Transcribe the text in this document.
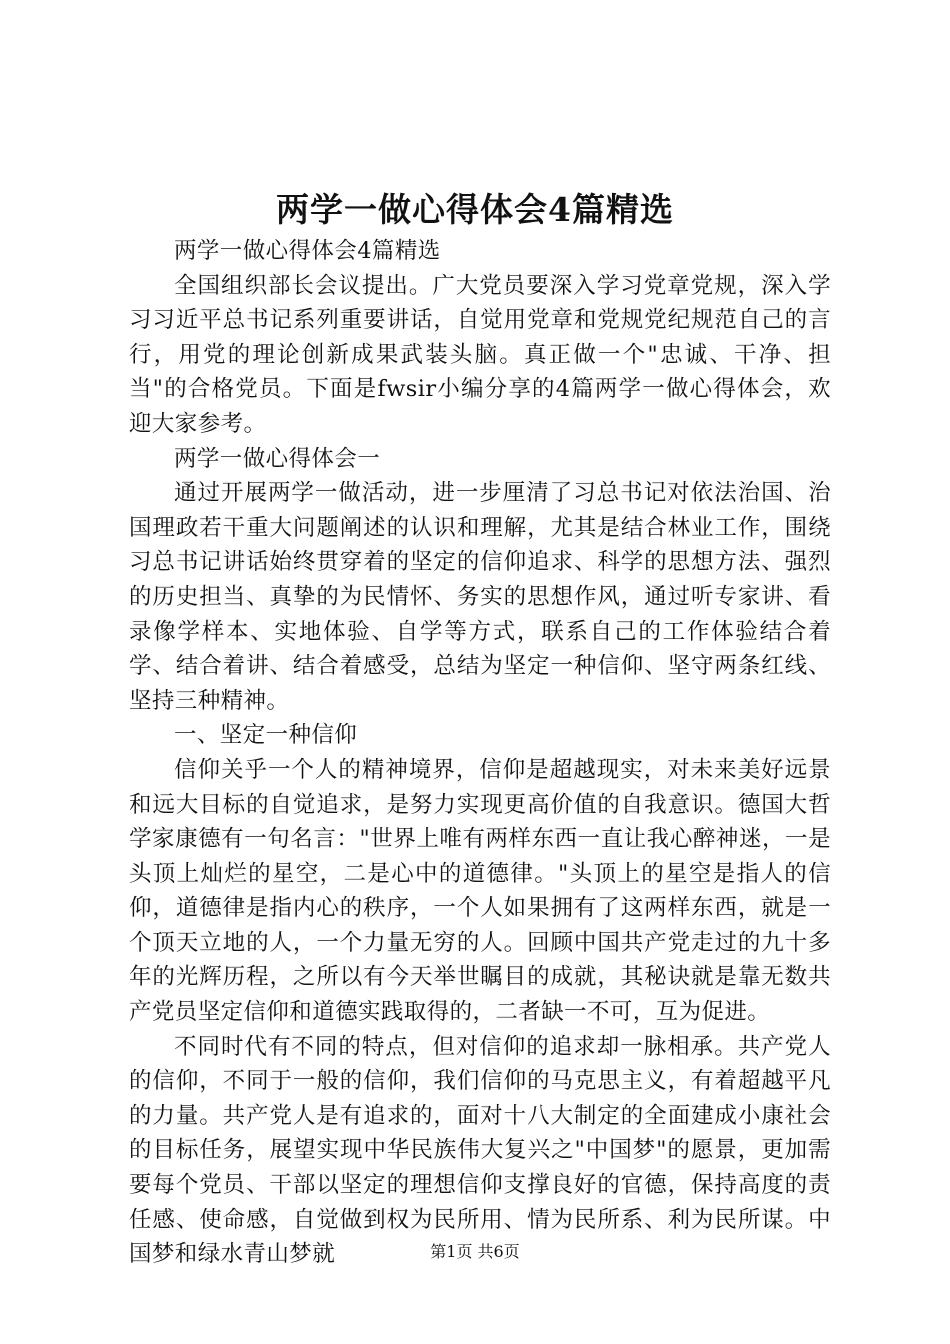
两学一做心得体会4篇精选

两学一做心得体会4篇精选

全国组织部长会议提出。广大党员要深入学习党章党规，深入学习习近平总书记系列重要讲话，自觉用党章和党规党纪规范自己的言行，用党的理论创新成果武装头脑。真正做一个"忠诚、干净、担当"的合格党员。下面是fwsir小编分享的4篇两学一做心得体会，欢迎大家参考。

两学一做心得体会一

通过开展两学一做活动，进一步厘清了习总书记对依法治国、治国理政若干重大问题阐述的认识和理解，尤其是结合林业工作，围绕习总书记讲话始终贯穿着的坚定的信仰追求、科学的思想方法、强烈的历史担当、真挚的为民情怀、务实的思想作风，通过听专家讲、看录像学样本、实地体验、自学等方式，联系自己的工作体验结合着学、结合着讲、结合着感受，总结为坚定一种信仰、坚守两条红线、坚持三种精神。

一、坚定一种信仰

信仰关乎一个人的精神境界，信仰是超越现实，对未来美好远景和远大目标的自觉追求，是努力实现更高价值的自我意识。德国大哲学家康德有一句名言："世界上唯有两样东西一直让我心醉神迷，一是头顶上灿烂的星空，二是心中的道德律。"头顶上的星空是指人的信仰，道德律是指内心的秩序，一个人如果拥有了这两样东西，就是一个顶天立地的人，一个力量无穷的人。回顾中国共产党走过的九十多年的光辉历程，之所以有今天举世瞩目的成就，其秘诀就是靠无数共产党员坚定信仰和道德实践取得的，二者缺一不可，互为促进。

不同时代有不同的特点，但对信仰的追求却一脉相承。共产党人的信仰，不同于一般的信仰，我们信仰的马克思主义，有着超越平凡的力量。共产党人是有追求的，面对十八大制定的全面建成小康社会的目标任务，展望实现中华民族伟大复兴之"中国梦"的愿景，更加需要每个党员、干部以坚定的理想信仰支撑良好的官德，保持高度的责任感、使命感，自觉做到权为民所用、情为民所系、利为民所谋。中国梦和绿水青山梦就	第1页 共6页
